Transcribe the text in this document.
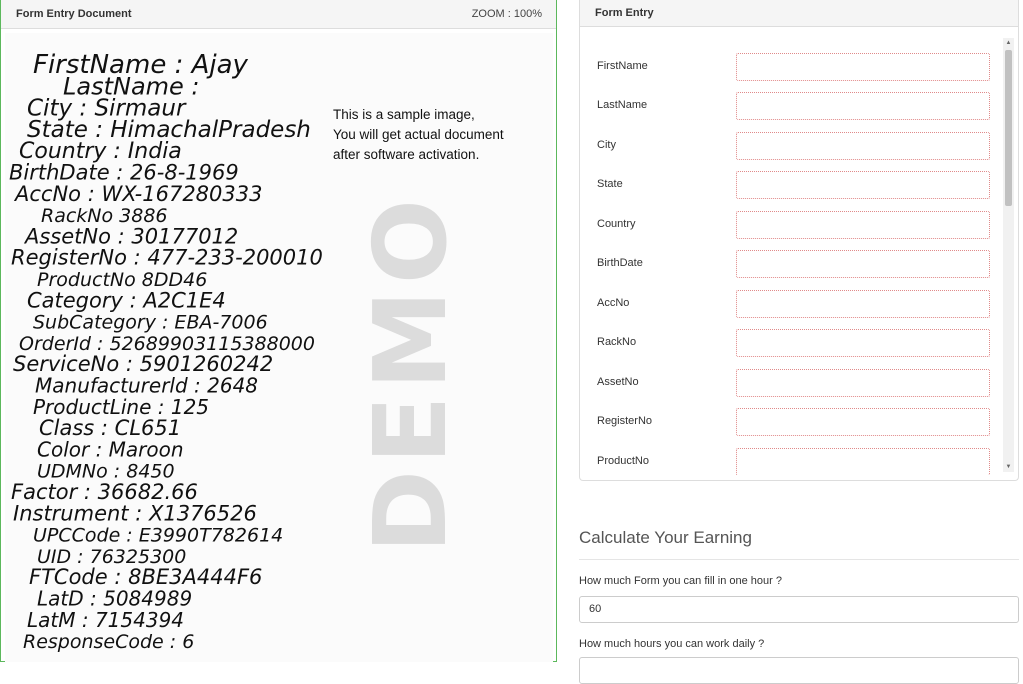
Form Entry Document	ZOOM : 100%
DEMO
This is a sample image,
You will get actual document
after software activation.
FirstName : Ajay
LastName :
City : Sirmaur
State : HimachalPradesh
Country : India
BirthDate : 26-8-1969
AccNo : WX-167280333
RackNo 3886
AssetNo : 30177012
RegisterNo : 477-233-200010
ProductNo 8DD46
Category : A2C1E4
SubCategory : EBA-7006
OrderId : 52689903115388000
ServiceNo : 5901260242
Manufacturerld : 2648
ProductLine : 125
Class : CL651
Color : Maroon
UDMNo : 8450
Factor : 36682.66
Instrument : X1376526
UPCCode : E3990T782614
UID : 76325300
FTCode : 8BE3A444F6
LatD : 5084989
LatM : 7154394
ResponseCode : 6
Form Entry
FirstName
LastName
City
State
Country
BirthDate
AccNo
RackNo
AssetNo
RegisterNo
ProductNo
▲
▼
Calculate Your Earning
How much Form you can fill in one hour ?
60
How much hours you can work daily ?
